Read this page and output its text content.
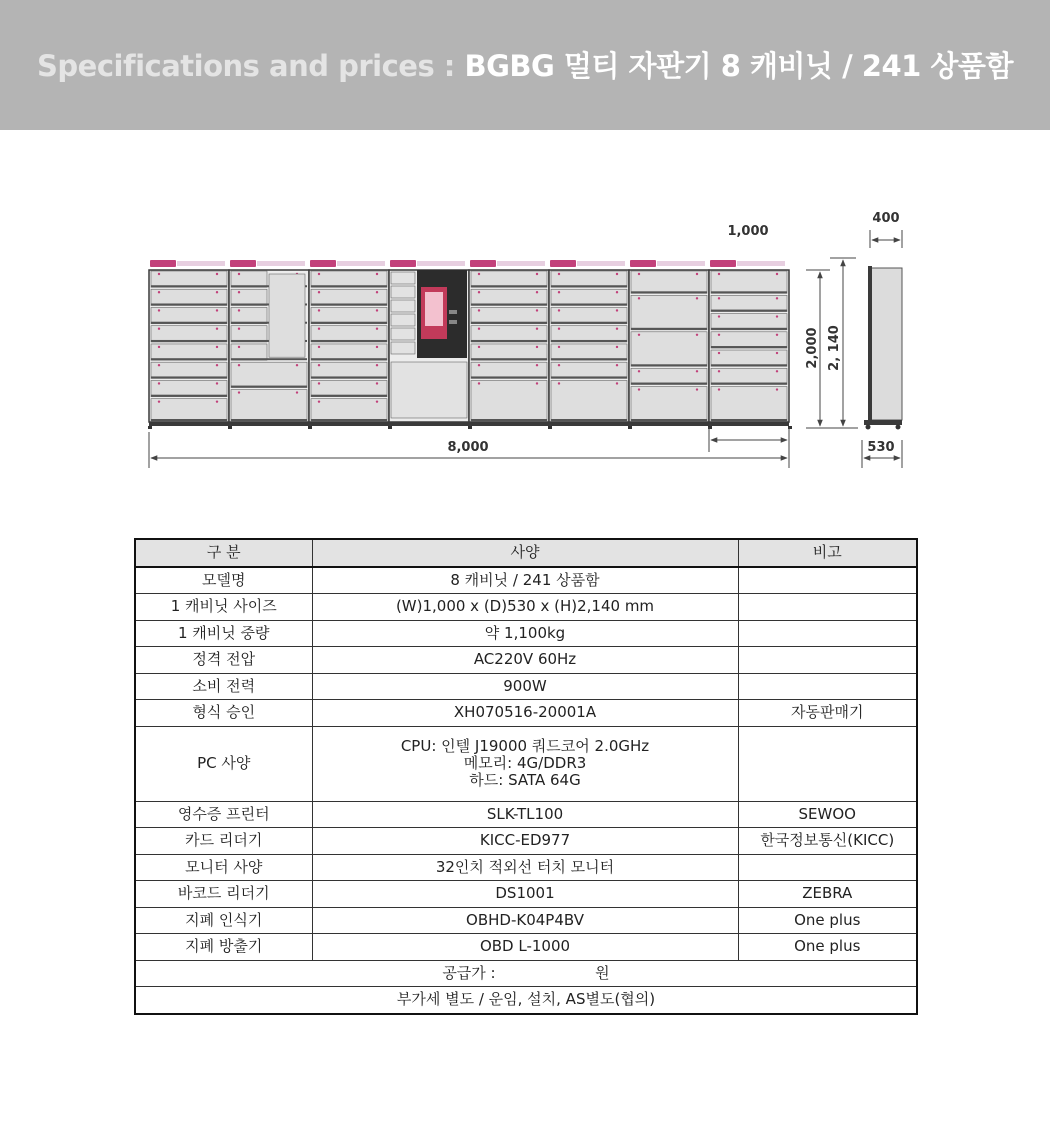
Specifications and prices : BGBG 멀티 자판기 8 캐비닛 / 241 상품함
1,000
8,000
2,000 2, 140
400
530
구 분	사양	비고
모델명	8 캐비닛 / 241 상품함	
1 캐비닛 사이즈	(W)1,000 x (D)530 x (H)2,140 mm	
1 캐비닛 중량	약 1,100kg	
정격 전압	AC220V 60Hz	
소비 전력	900W	
형식 승인	XH070516-20001A	자동판매기
PC 사양	CPU: 인텔 J19000 쿼드코어 2.0GHz
메모리: 4G/DDR3
하드: SATA 64G	

영수증 프린터	SLK-TL100	SEWOO
카드 리더기	KICC-ED977	한국정보통신(KICC)
모니터 사양	32인치 적외선 터치 모니터	
바코드 리더기	DS1001	ZEBRA
지폐 인식기	OBHD-K04P4BV	One plus
지폐 방출기	OBD L-1000	One plus
공급가 : 원		
부가세 별도 / 운임, 설치, AS별도(협의)		
